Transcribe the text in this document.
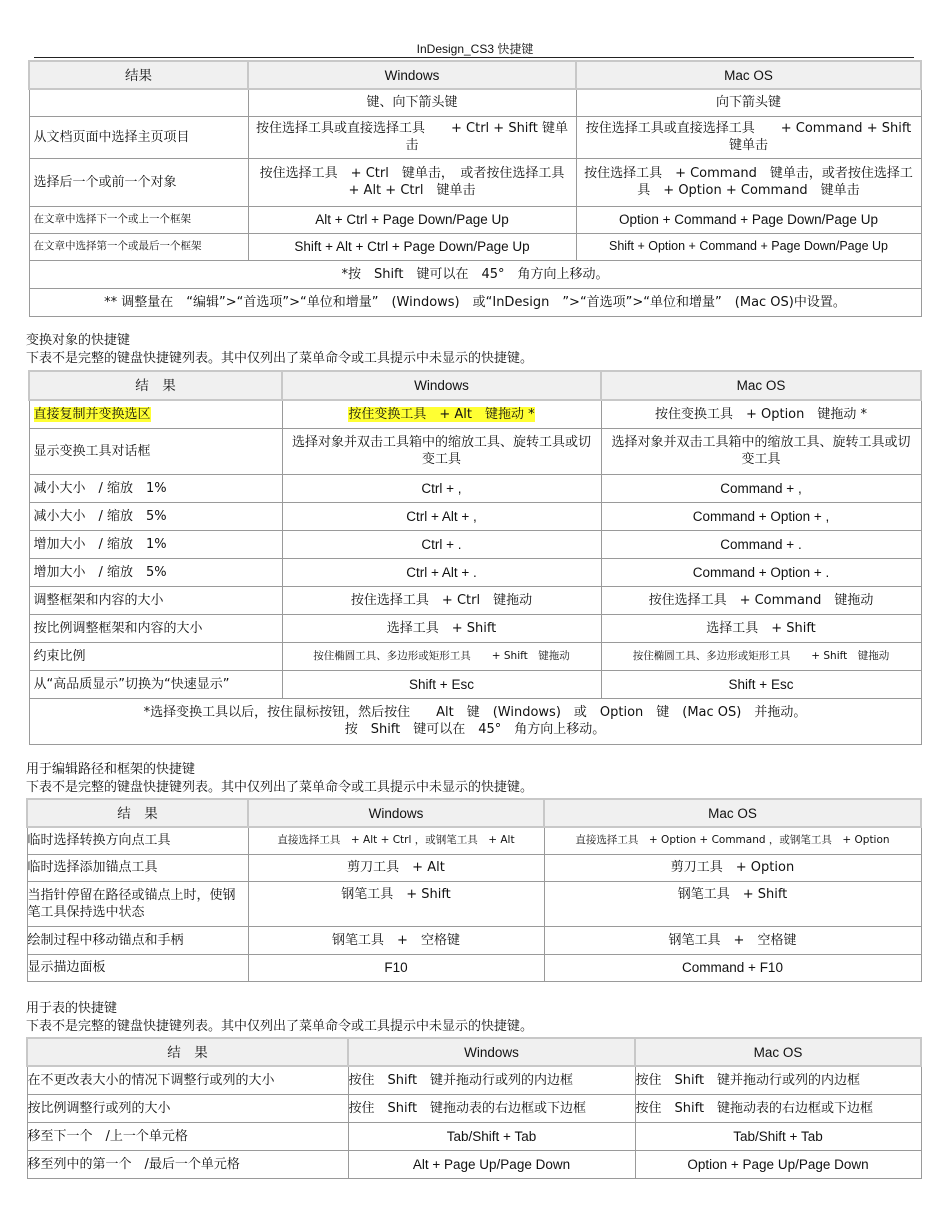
InDesign_CS3 快捷键
结果	Windows	Mac OS
	键、向下箭头键	向下箭头键
从文档页面中选择主页项目	按住选择工具或直接选择工具　　+ Ctrl + Shift 键单击	按住选择工具或直接选择工具　　+ Command + Shift　键单击
选择后一个或前一个对象	按住选择工具　+ Ctrl　键单击，　或者按住选择工具　+ Alt + Ctrl　键单击	按住选择工具　+ Command　键单击，或者按住选择工具　+ Option + Command　键单击
在文章中选择下一个或上一个框架	Alt + Ctrl + Page Down/Page Up	Option + Command + Page Down/Page Up
在文章中选择第一个或最后一个框架	Shift + Alt + Ctrl + Page Down/Page Up	Shift + Option + Command + Page Down/Page Up
*按　Shift　键可以在　45°　角方向上移动。		
** 调整量在　“编辑”>“首选项”>“单位和增量”　(Windows)　或“InDesign　”>“首选项”>“单位和增量”　(Mac OS)中设置。		
变换对象的快捷键
下表不是完整的键盘快捷键列表。其中仅列出了菜单命令或工具提示中未显示的快捷键。
结　果	Windows	Mac OS
直接复制并变换选区	按住变换工具　+ Alt　键拖动 *	按住变换工具　+ Option　键拖动 *
显示变换工具对话框	选择对象并双击工具箱中的缩放工具、旋转工具或切变工具	选择对象并双击工具箱中的缩放工具、旋转工具或切变工具
减小大小　/ 缩放　1%	Ctrl + ,	Command + ,
减小大小　/ 缩放　5%	Ctrl + Alt + ,	Command + Option + ,
增加大小　/ 缩放　1%	Ctrl + .	Command + .
增加大小　/ 缩放　5%	Ctrl + Alt + .	Command + Option + .
调整框架和内容的大小	按住选择工具　+ Ctrl　键拖动	按住选择工具　+ Command　键拖动
按比例调整框架和内容的大小	选择工具　+ Shift	选择工具　+ Shift
约束比例	按住椭圆工具、多边形或矩形工具　　+ Shift　键拖动	按住椭圆工具、多边形或矩形工具　　+ Shift　键拖动
从“高品质显示”切换为“快速显示”	Shift + Esc	Shift + Esc

*选择变换工具以后，按住鼠标按钮，然后按住　　Alt　键　(Windows)　或　Option　键　(Mac OS)　并拖动。
按　Shift　键可以在　45°　角方向上移动。		
用于编辑路径和框架的快捷键
下表不是完整的键盘快捷键列表。其中仅列出了菜单命令或工具提示中未显示的快捷键。
结　果	Windows	Mac OS
临时选择转换方向点工具	直接选择工具　+ Alt + Ctrl ，或钢笔工具　+ Alt	直接选择工具　+ Option + Command ，或钢笔工具　+ Option
临时选择添加锚点工具	剪刀工具　+ Alt	剪刀工具　+ Option
当指针停留在路径或锚点上时，使钢笔工具保持选中状态	钢笔工具　+ Shift	钢笔工具　+ Shift
绘制过程中移动锚点和手柄	钢笔工具　+　空格键	钢笔工具　+　空格键
显示描边面板	F10	Command + F10
用于表的快捷键
下表不是完整的键盘快捷键列表。其中仅列出了菜单命令或工具提示中未显示的快捷键。
结　果	Windows	Mac OS
在不更改表大小的情况下调整行或列的大小	按住　Shift　键并拖动行或列的内边框	按住　Shift　键并拖动行或列的内边框
按比例调整行或列的大小	按住　Shift　键拖动表的右边框或下边框	按住　Shift　键拖动表的右边框或下边框
移至下一个　/上一个单元格	Tab/Shift + Tab	Tab/Shift + Tab
移至列中的第一个　/最后一个单元格	Alt + Page Up/Page Down	Option + Page Up/Page Down
